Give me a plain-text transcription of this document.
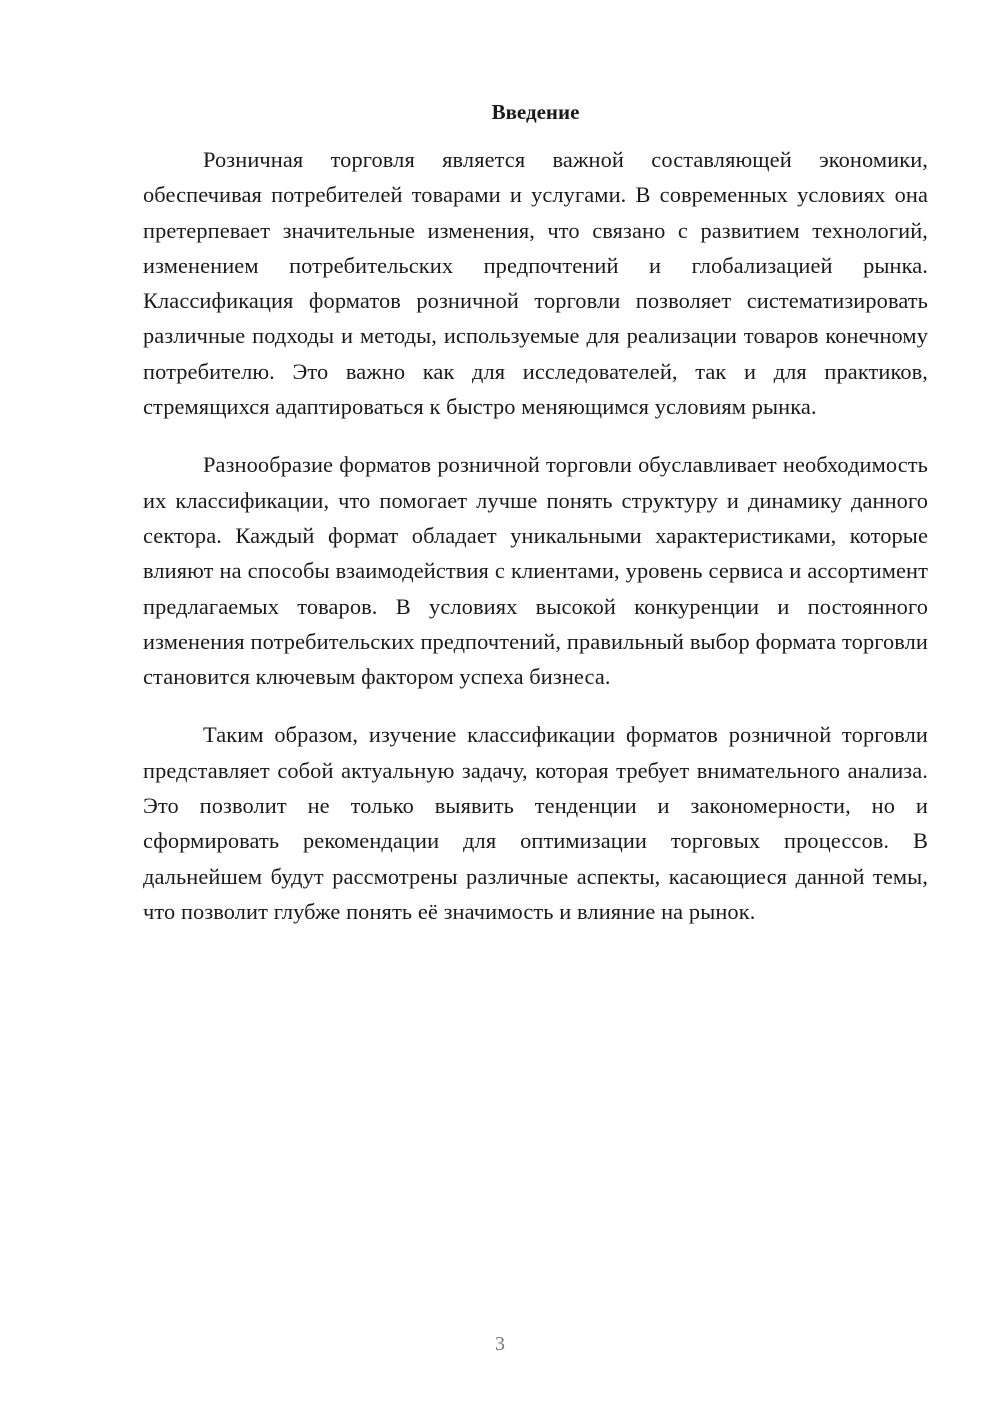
Введение

Розничная торговля является важной составляющей экономики, обеспечивая потребителей товарами и услугами. В современных условиях она претерпевает значительные изменения, что связано с развитием технологий, изменением потребительских предпочтений и глобализацией рынка. Классификация форматов розничной торговли позволяет систематизировать различные подходы и методы, используемые для реализации товаров конечному потребителю. Это важно как для исследователей, так и для практиков, стремящихся адаптироваться к быстро меняющимся условиям рынка.

Разнообразие форматов розничной торговли обуславливает необходимость их классификации, что помогает лучше понять структуру и динамику данного сектора. Каждый формат обладает уникальными характеристиками, которые влияют на способы взаимодействия с клиентами, уровень сервиса и ассортимент предлагаемых товаров. В условиях высокой конкуренции и постоянного изменения потребительских предпочтений, правильный выбор формата торговли становится ключевым фактором успеха бизнеса.

Таким образом, изучение классификации форматов розничной торговли представляет собой актуальную задачу, которая требует внимательного анализа. Это позволит не только выявить тенденции и закономерности, но и сформировать рекомендации для оптимизации торговых процессов. В дальнейшем будут рассмотрены различные аспекты, касающиеся данной темы, что позволит глубже понять её значимость и влияние на рынок.

3
